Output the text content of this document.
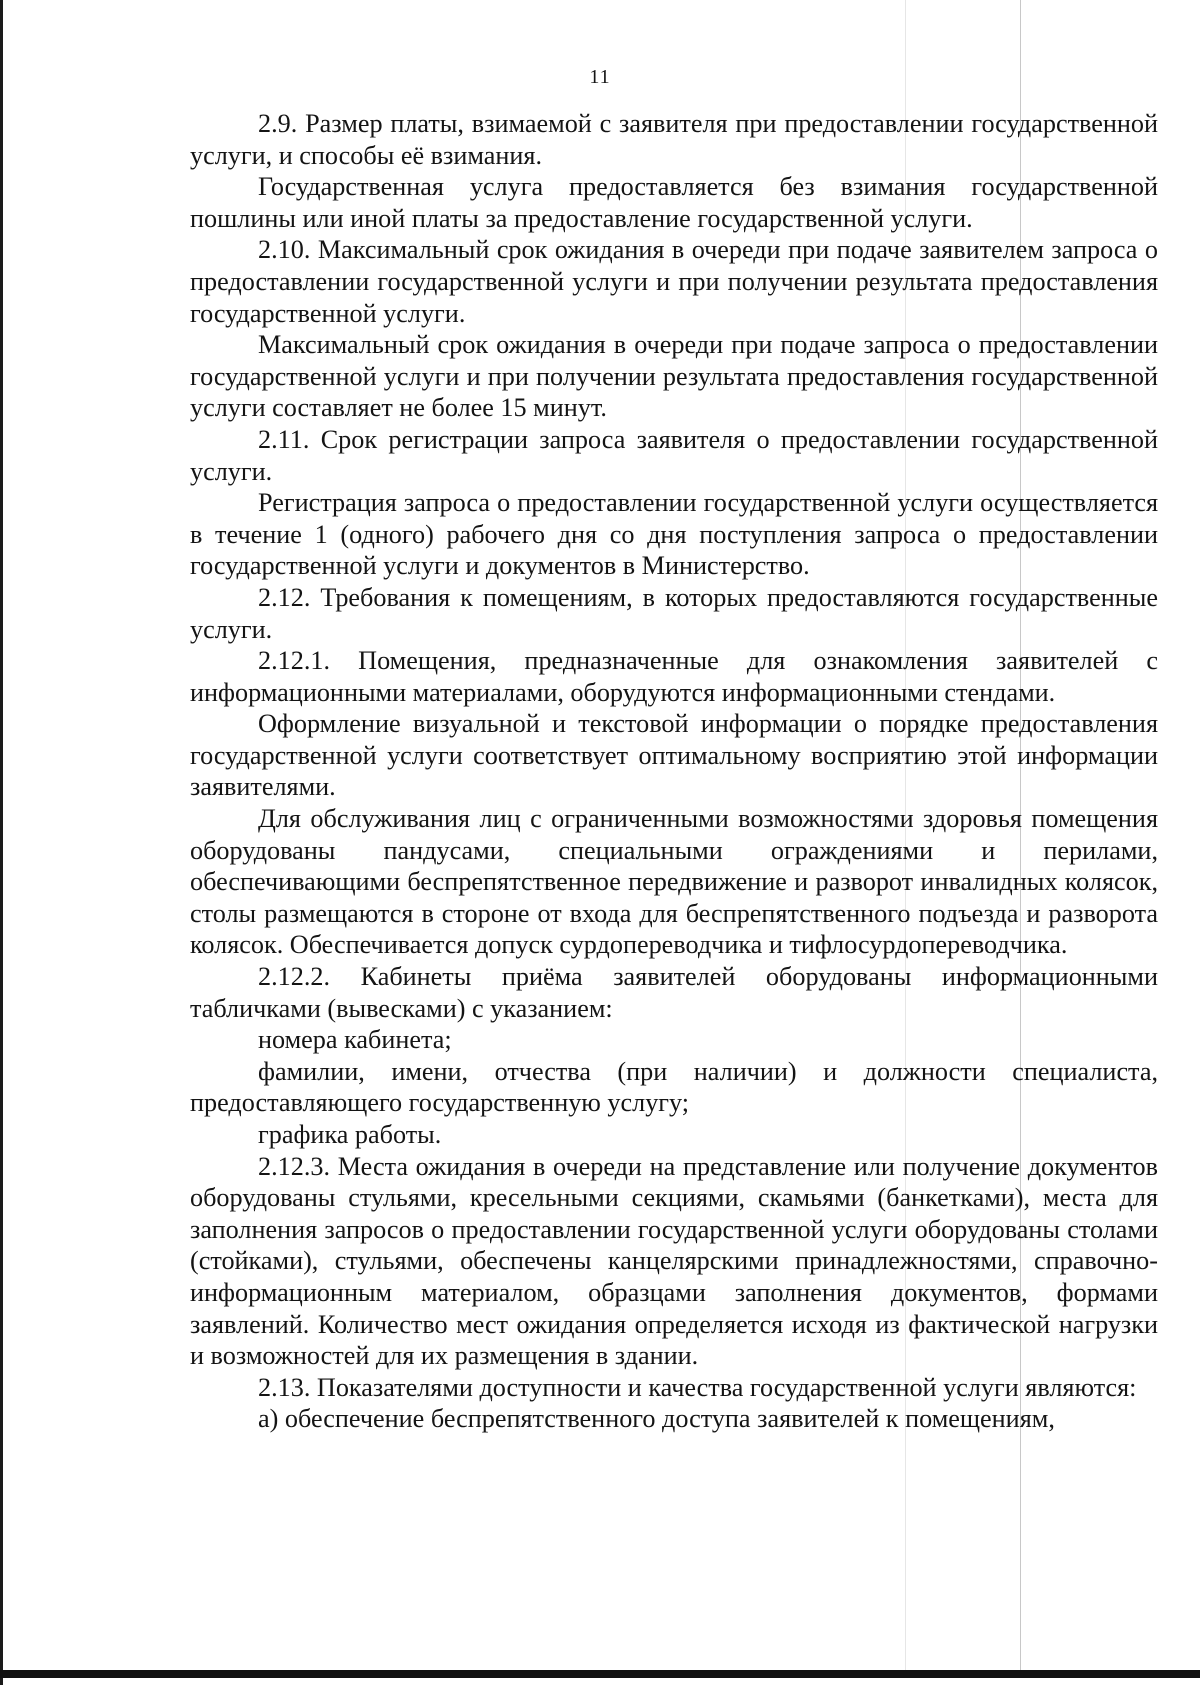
11

2.9. Размер платы, взимаемой с заявителя при предоставлении государственной услуги, и способы её взимания.

Государственная услуга предоставляется без взимания государственной пошлины или иной платы за предоставление государственной услуги.

2.10. Максимальный срок ожидания в очереди при подаче заявителем запроса о предоставлении государственной услуги и при получении результата предоставления государственной услуги.

Максимальный срок ожидания в очереди при подаче запроса о предоставлении государственной услуги и при получении результата предоставления государственной услуги составляет не более 15 минут.

2.11. Срок регистрации запроса заявителя о предоставлении государственной услуги.

Регистрация запроса о предоставлении государственной услуги осуществляется в течение 1 (одного) рабочего дня со дня поступления запроса о предоставлении государственной услуги и документов в Министерство.

2.12. Требования к помещениям, в которых предоставляются государственные услуги.

2.12.1. Помещения, предназначенные для ознакомления заявителей с информационными материалами, оборудуются информационными стендами.

Оформление визуальной и текстовой информации о порядке предоставления государственной услуги соответствует оптимальному восприятию этой информации заявителями.

Для обслуживания лиц с ограниченными возможностями здоровья помещения оборудованы пандусами, специальными ограждениями и перилами, обеспечивающими беспрепятственное передвижение и разворот инвалидных колясок, столы размещаются в стороне от входа для беспрепятственного подъезда и разворота колясок. Обеспечивается допуск сурдопереводчика и тифлосурдопереводчика.

2.12.2. Кабинеты приёма заявителей оборудованы информационными табличками (вывесками) с указанием:

номера кабинета;

фамилии, имени, отчества (при наличии) и должности специалиста, предоставляющего государственную услугу;

графика работы.

2.12.3. Места ожидания в очереди на представление или получение документов оборудованы стульями, кресельными секциями, скамьями (банкетками), места для заполнения запросов о предоставлении государственной услуги оборудованы столами (стойками), стульями, обеспечены канцелярскими принадлежностями, справочно-информационным материалом, образцами заполнения документов, формами заявлений. Количество мест ожидания определяется исходя из фактической нагрузки и возможностей для их размещения в здании.

2.13. Показателями доступности и качества государственной услуги являются:

а) обеспечение беспрепятственного доступа заявителей к помещениям,
